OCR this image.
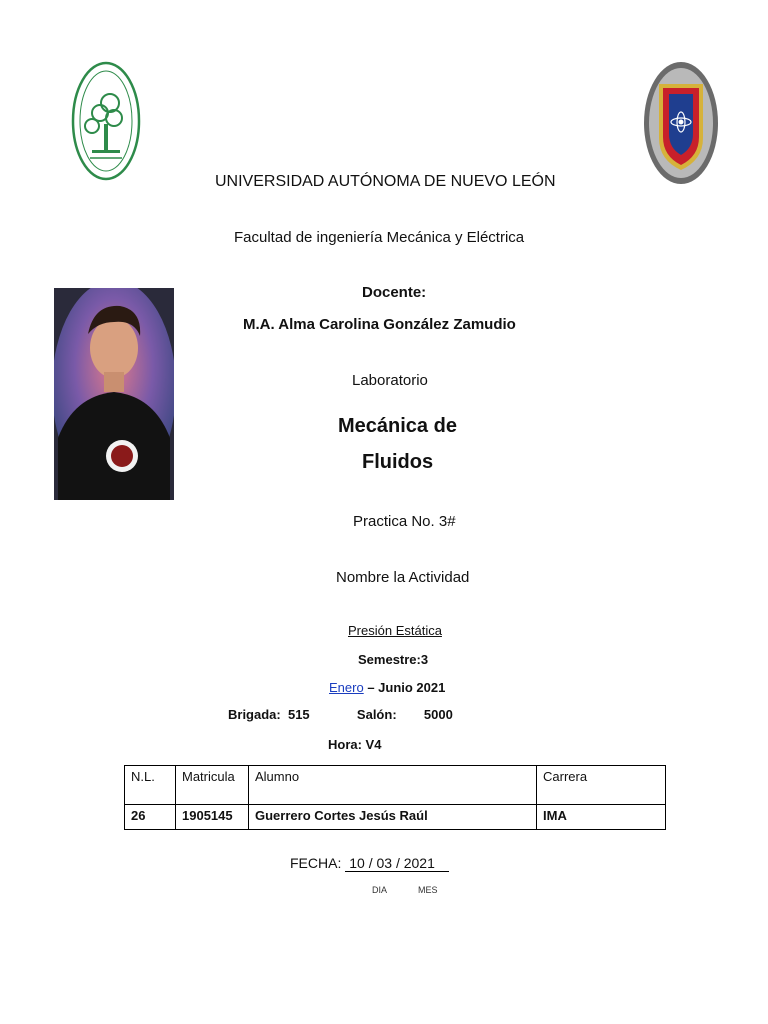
UNIVERSIDAD AUTÓNOMA DE NUEVO LEÓN
Facultad de ingeniería Mecánica y Eléctrica
Docente:
M.A. Alma Carolina González Zamudio
Laboratorio
Mecánica de
Fluidos
Practica No. 3#
Nombre la Actividad
Presión Estática
Semestre:3
Enero – Junio 2021
Brigada: 515	Salón: 5000
Hora: V4
N.L.	Matricula	Alumno	Carrera
26	1905145	Guerrero Cortes Jesús Raúl	IMA
FECHA: 10 / 03 / 2021
DIA	MES
